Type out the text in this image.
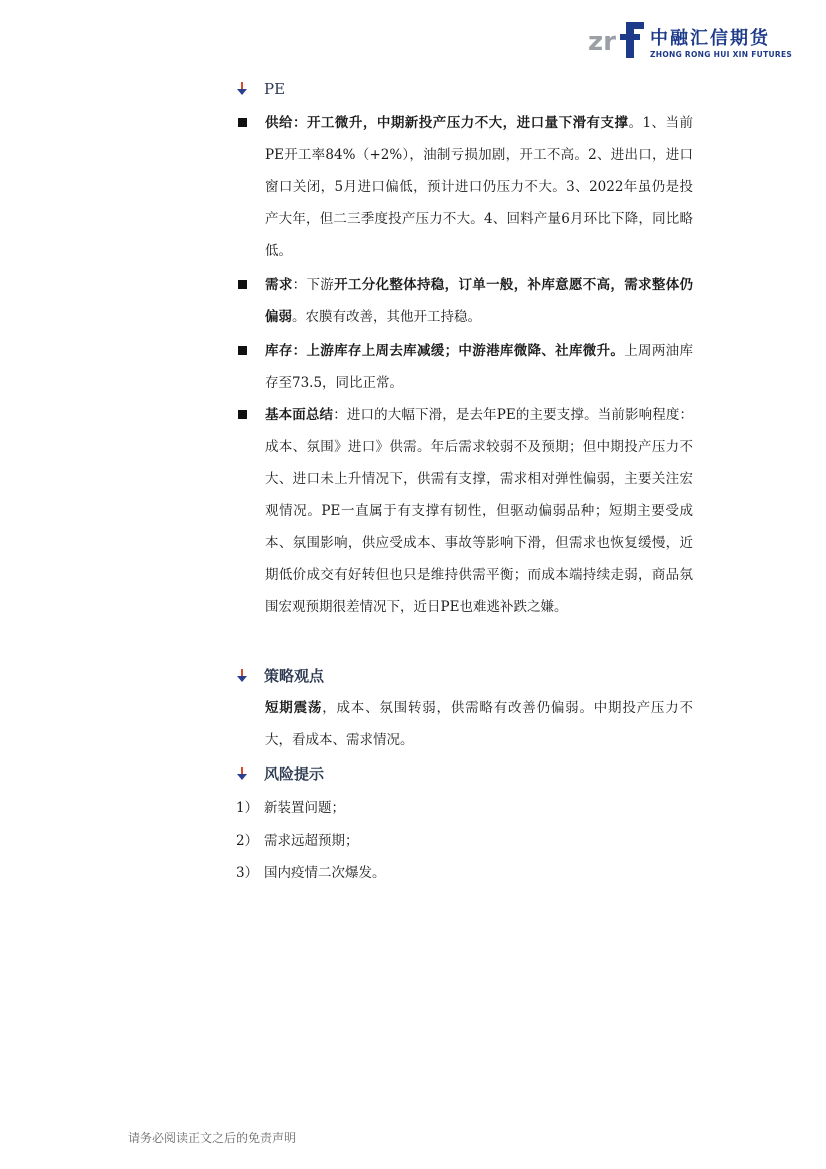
zr 中融汇信期货
ZHONG RONG HUI XIN FUTURES
PE
供给：开工微升，中期新投产压力不大，进口量下滑有支撑。1、当前PE开工率84%（+2%），油制亏损加剧，开工不高。2、进出口，进口窗口关闭，5月进口偏低，预计进口仍压力不大。3、2022年虽仍是投产大年，但二三季度投产压力不大。4、回料产量6月环比下降，同比略低。
需求：下游开工分化整体持稳，订单一般，补库意愿不高，需求整体仍偏弱。农膜有改善，其他开工持稳。
库存：上游库存上周去库减缓；中游港库微降、社库微升。上周两油库存至73.5，同比正常。
基本面总结：进口的大幅下滑，是去年PE的主要支撑。当前影响程度：成本、氛围》进口》供需。年后需求较弱不及预期；但中期投产压力不大、进口未上升情况下，供需有支撑，需求相对弹性偏弱，主要关注宏观情况。PE一直属于有支撑有韧性，但驱动偏弱品种；短期主要受成本、氛围影响，供应受成本、事故等影响下滑，但需求也恢复缓慢，近期低价成交有好转但也只是维持供需平衡；而成本端持续走弱，商品氛围宏观预期很差情况下，近日PE也难逃补跌之嫌。
策略观点
短期震荡，成本、氛围转弱，供需略有改善仍偏弱。中期投产压力不大，看成本、需求情况。
风险提示
1） 新装置问题；
2） 需求远超预期；
3） 国内疫情二次爆发。
请务必阅读正文之后的免责声明
